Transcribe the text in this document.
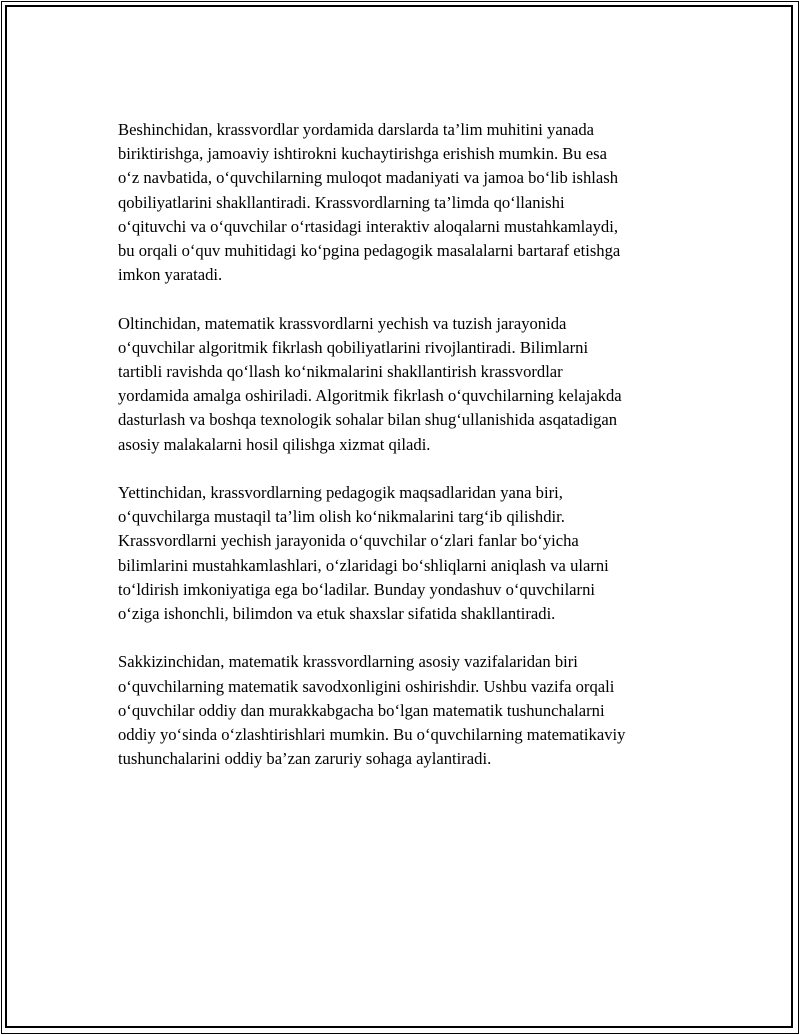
Beshinchidan, krassvordlar yordamida darslarda ta’lim muhitini yanada
biriktirishga, jamoaviy ishtirokni kuchaytirishga erishish mumkin. Bu esa
o‘z navbatida, o‘quvchilarning muloqot madaniyati va jamoa bo‘lib ishlash
qobiliyatlarini shakllantiradi. Krassvordlarning ta’limda qo‘llanishi
o‘qituvchi va o‘quvchilar o‘rtasidagi interaktiv aloqalarni mustahkamlaydi,
bu orqali o‘quv muhitidagi ko‘pgina pedagogik masalalarni bartaraf etishga
imkon yaratadi.

Oltinchidan, matematik krassvordlarni yechish va tuzish jarayonida
o‘quvchilar algoritmik fikrlash qobiliyatlarini rivojlantiradi. Bilimlarni
tartibli ravishda qo‘llash ko‘nikmalarini shakllantirish krassvordlar
yordamida amalga oshiriladi. Algoritmik fikrlash o‘quvchilarning kelajakda
dasturlash va boshqa texnologik sohalar bilan shug‘ullanishida asqatadigan
asosiy malakalarni hosil qilishga xizmat qiladi.

Yettinchidan, krassvordlarning pedagogik maqsadlaridan yana biri,
o‘quvchilarga mustaqil ta’lim olish ko‘nikmalarini targ‘ib qilishdir.
Krassvordlarni yechish jarayonida o‘quvchilar o‘zlari fanlar bo‘yicha
bilimlarini mustahkamlashlari, o‘zlaridagi bo‘shliqlarni aniqlash va ularni
to‘ldirish imkoniyatiga ega bo‘ladilar. Bunday yondashuv o‘quvchilarni
o‘ziga ishonchli, bilimdon va etuk shaxslar sifatida shakllantiradi.

Sakkizinchidan, matematik krassvordlarning asosiy vazifalaridan biri
o‘quvchilarning matematik savodxonligini oshirishdir. Ushbu vazifa orqali
o‘quvchilar oddiy dan murakkabgacha bo‘lgan matematik tushunchalarni
oddiy yo‘sinda o‘zlashtirishlari mumkin. Bu o‘quvchilarning matematikaviy
tushunchalarini oddiy ba’zan zaruriy sohaga aylantiradi.
